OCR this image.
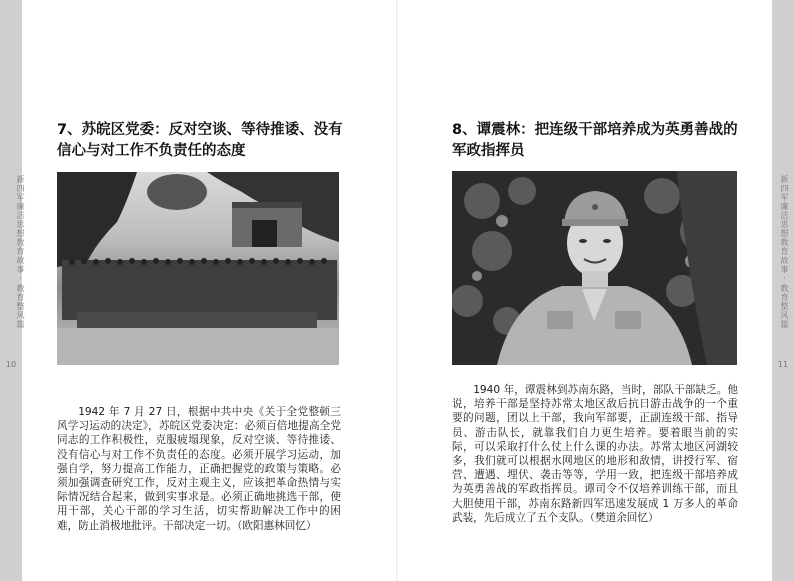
新四军廉洁思想教育故事·教育整风篇	新四军廉洁思想教育故事·教育整风篇
10	11
7、苏皖区党委：反对空谈、等待推诿、没有信心与对工作不负责任的态度

1942 年 7 月 27 日，根据中共中央《关于全党整顿三风学习运动的决定》，苏皖区党委决定：必须百倍地提高全党同志的工作积极性，克服疲塌现象，反对空谈、等待推诿、没有信心与对工作不负责任的态度。必须开展学习运动，加强自学，努力提高工作能力，正确把握党的政策与策略。必须加强调查研究工作，反对主观主义，应该把革命热情与实际情况结合起来，做到实事求是。必须正确地挑选干部，使用干部，关心干部的学习生活，切实帮助解决工作中的困难，防止消极地批评。干部决定一切。（欧阳惠林回忆）

8、谭震林：把连级干部培养成为英勇善战的军政指挥员

1940 年，谭震林到苏南东路，当时，部队干部缺乏。他说，培养干部是坚持苏常太地区敌后抗日游击战争的一个重要的问题，团以上干部，我向军部要，正副连级干部、指导员、游击队长，就靠我们自力更生培养。要着眼当前的实际，可以采取打什么仗上什么课的办法。苏常太地区河湖较多，我们就可以根据水网地区的地形和敌情，讲授行军、宿营、遭遇、埋伏、袭击等等，学用一致，把连级干部培养成为英勇善战的军政指挥员。谭司令不仅培养训练干部，而且大胆使用干部，苏南东路新四军迅速发展成 1 万多人的革命武装，先后成立了五个支队。（樊道余回忆）
